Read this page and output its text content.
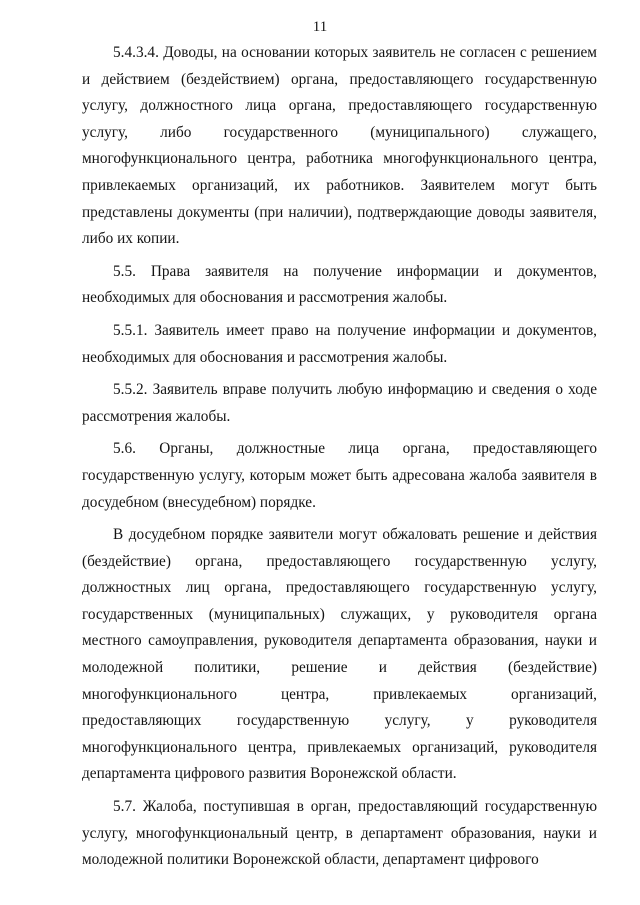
11

5.4.3.4. Доводы, на основании которых заявитель не согласен с решением и действием (бездействием) органа, предоставляющего государственную услугу, должностного лица органа, предоставляющего государственную услугу, либо государственного (муниципального) служащего, многофункционального центра, работника многофункционального центра, привлекаемых организаций, их работников. Заявителем могут быть представлены документы (при наличии), подтверждающие доводы заявителя, либо их копии.

5.5. Права заявителя на получение информации и документов, необходимых для обоснования и рассмотрения жалобы.

5.5.1. Заявитель имеет право на получение информации и документов, необходимых для обоснования и рассмотрения жалобы.

5.5.2. Заявитель вправе получить любую информацию и сведения о ходе рассмотрения жалобы.

5.6. Органы, должностные лица органа, предоставляющего государственную услугу, которым может быть адресована жалоба заявителя в досудебном (внесудебном) порядке.

В досудебном порядке заявители могут обжаловать решение и действия (бездействие) органа, предоставляющего государственную услугу, должностных лиц органа, предоставляющего государственную услугу, государственных (муниципальных) служащих, у руководителя органа местного самоуправления, руководителя департамента образования, науки и молодежной политики, решение и действия (бездействие) многофункционального центра, привлекаемых организаций, предоставляющих государственную услугу, у руководителя многофункционального центра, привлекаемых организаций, руководителя департамента цифрового развития Воронежской области.

5.7. Жалоба, поступившая в орган, предоставляющий государственную услугу, многофункциональный центр, в департамент образования, науки и молодежной политики Воронежской области, департамент цифрового
